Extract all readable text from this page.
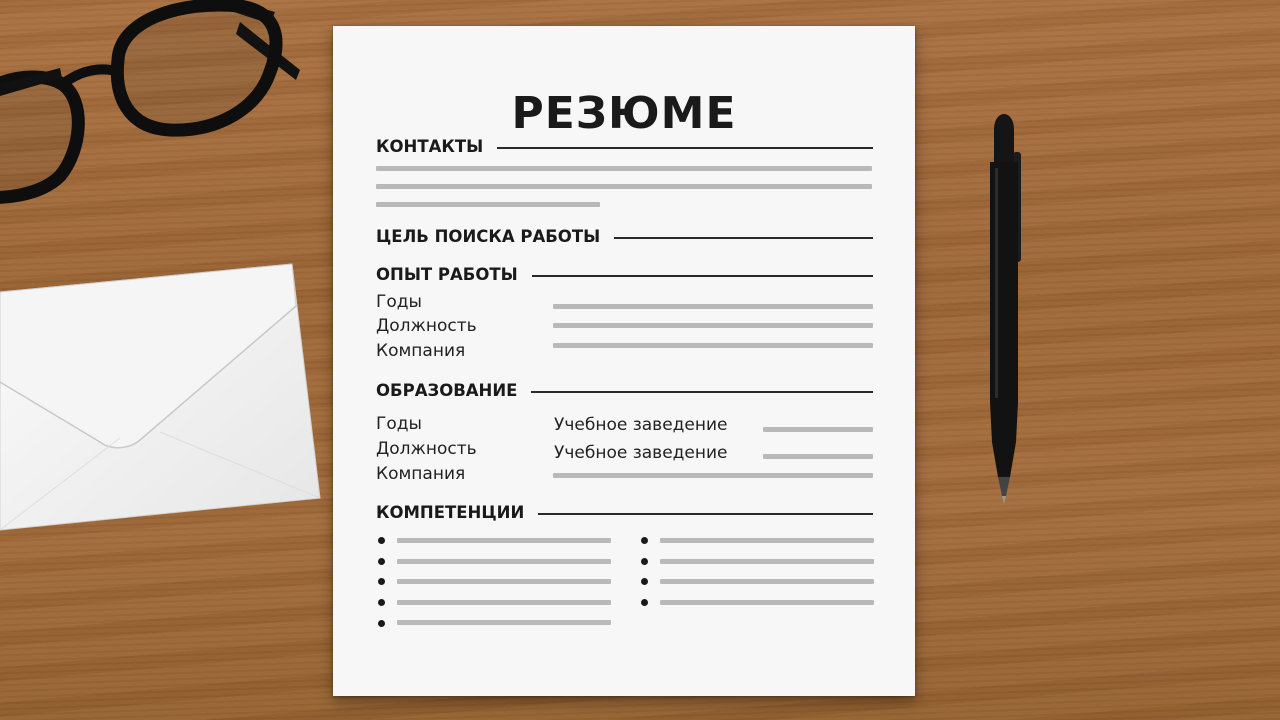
РЕЗЮМЕ
КОНТАКТЫ
ЦЕЛЬ ПОИСКА РАБОТЫ
ОПЫТ РАБОТЫ
Годы
Должность
Компания
ОБРАЗОВАНИЕ
Годы
Должность
Компания
Учебное заведение
Учебное заведение
КОМПЕТЕНЦИИ
